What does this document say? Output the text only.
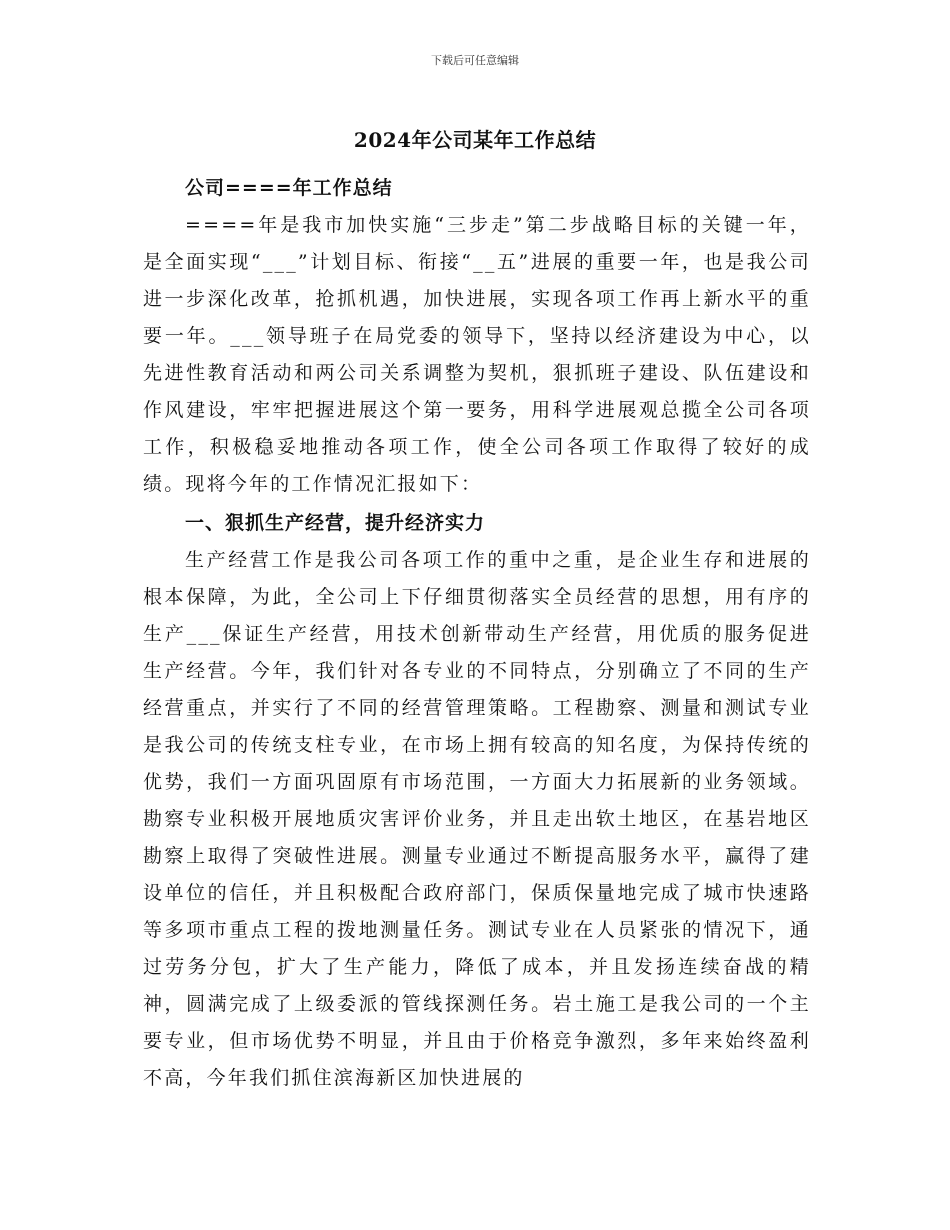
下载后可任意编辑
2024年公司某年工作总结

公司====年工作总结

====年是我市加快实施“三步走”第二步战略目标的关键一年，是全面实现“___”计划目标、衔接“__五”进展的重要一年，也是我公司进一步深化改革，抢抓机遇，加快进展，实现各项工作再上新水平的重要一年。___领导班子在局党委的领导下，坚持以经济建设为中心，以先进性教育活动和两公司关系调整为契机，狠抓班子建设、队伍建设和作风建设，牢牢把握进展这个第一要务，用科学进展观总揽全公司各项工作，积极稳妥地推动各项工作，使全公司各项工作取得了较好的成绩。现将今年的工作情况汇报如下：

一、狠抓生产经营，提升经济实力

生产经营工作是我公司各项工作的重中之重，是企业生存和进展的根本保障，为此，全公司上下仔细贯彻落实全员经营的思想，用有序的生产___保证生产经营，用技术创新带动生产经营，用优质的服务促进生产经营。今年，我们针对各专业的不同特点，分别确立了不同的生产经营重点，并实行了不同的经营管理策略。工程勘察、测量和测试专业是我公司的传统支柱专业，在市场上拥有较高的知名度，为保持传统的优势，我们一方面巩固原有市场范围，一方面大力拓展新的业务领域。勘察专业积极开展地质灾害评价业务，并且走出软土地区，在基岩地区勘察上取得了突破性进展。测量专业通过不断提高服务水平，赢得了建设单位的信任，并且积极配合政府部门，保质保量地完成了城市快速路等多项市重点工程的拨地测量任务。测试专业在人员紧张的情况下，通过劳务分包，扩大了生产能力，降低了成本，并且发扬连续奋战的精神，圆满完成了上级委派的管线探测任务。岩土施工是我公司的一个主要专业，但市场优势不明显，并且由于价格竞争激烈，多年来始终盈利不高，今年我们抓住滨海新区加快进展的
